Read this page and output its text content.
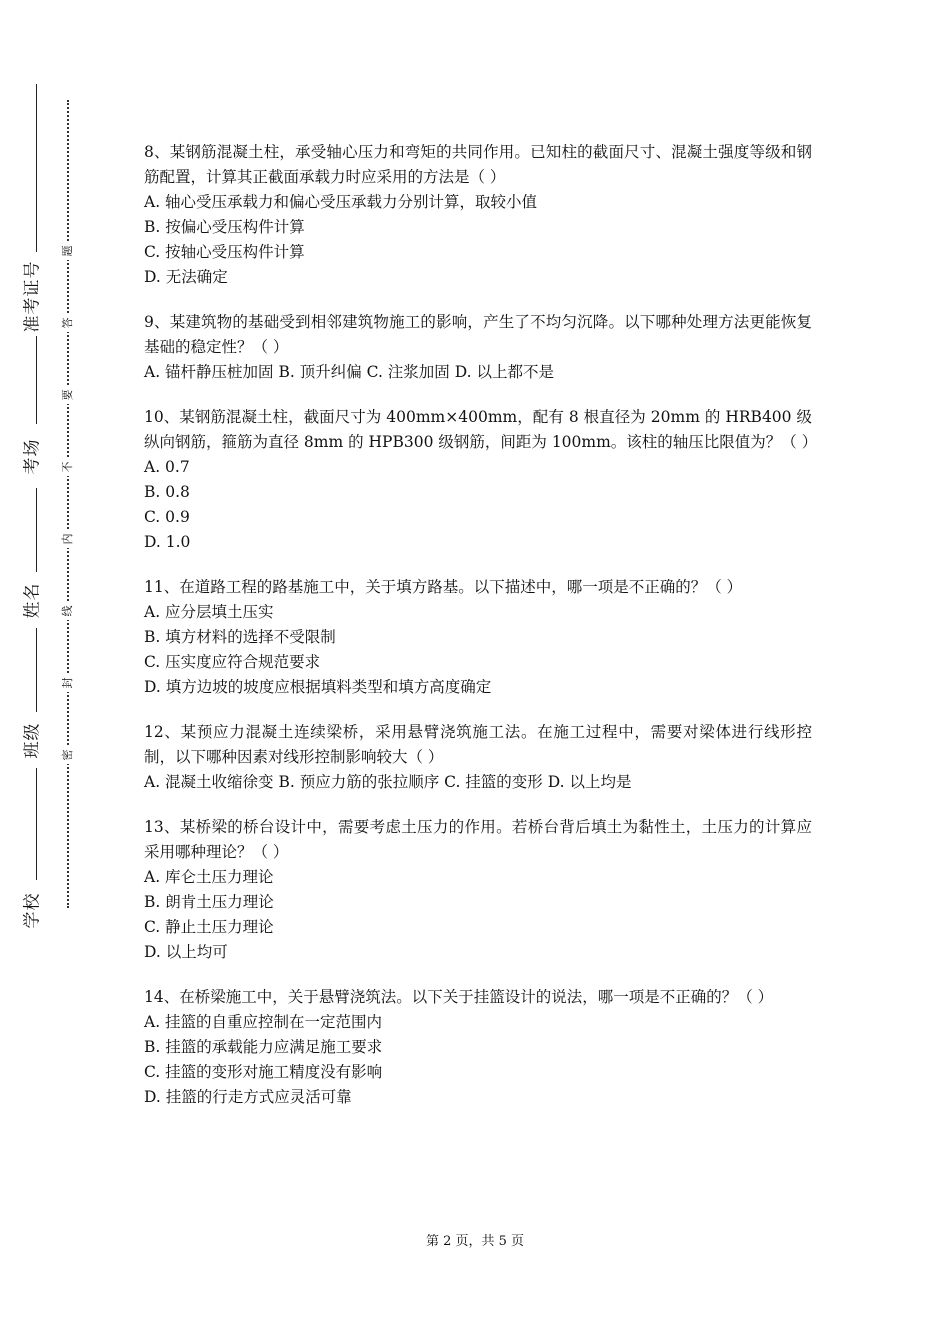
准考证号
考场
姓名
班级
学校
题
答
要
不
内
线
封
密
8、某钢筋混凝土柱，承受轴心压力和弯矩的共同作用。已知柱的截面尺寸、混凝土强度等级和钢筋配置，计算其正截面承载力时应采用的方法是（ ）
A. 轴心受压承载力和偏心受压承载力分别计算，取较小值
B. 按偏心受压构件计算
C. 按轴心受压构件计算
D. 无法确定
9、某建筑物的基础受到相邻建筑物施工的影响，产生了不均匀沉降。以下哪种处理方法更能恢复基础的稳定性？（ ）
A. 锚杆静压桩加固 B. 顶升纠偏 C. 注浆加固 D. 以上都不是
10、某钢筋混凝土柱，截面尺寸为 400mm×400mm，配有 8 根直径为 20mm 的 HRB400 级纵向钢筋，箍筋为直径 8mm 的 HPB300 级钢筋，间距为 100mm。该柱的轴压比限值为？（ ）
A. 0.7
B. 0.8
C. 0.9
D. 1.0
11、在道路工程的路基施工中，关于填方路基。以下描述中，哪一项是不正确的？（ ）
A. 应分层填土压实
B. 填方材料的选择不受限制
C. 压实度应符合规范要求
D. 填方边坡的坡度应根据填料类型和填方高度确定
12、某预应力混凝土连续梁桥，采用悬臂浇筑施工法。在施工过程中，需要对梁体进行线形控制，以下哪种因素对线形控制影响较大（ ）
A. 混凝土收缩徐变 B. 预应力筋的张拉顺序 C. 挂篮的变形 D. 以上均是
13、某桥梁的桥台设计中，需要考虑土压力的作用。若桥台背后填土为黏性土，土压力的计算应采用哪种理论？（ ）
A. 库仑土压力理论
B. 朗肯土压力理论
C. 静止土压力理论
D. 以上均可
14、在桥梁施工中，关于悬臂浇筑法。以下关于挂篮设计的说法，哪一项是不正确的？（ ）
A. 挂篮的自重应控制在一定范围内
B. 挂篮的承载能力应满足施工要求
C. 挂篮的变形对施工精度没有影响
D. 挂篮的行走方式应灵活可靠
第 2 页，共 5 页
